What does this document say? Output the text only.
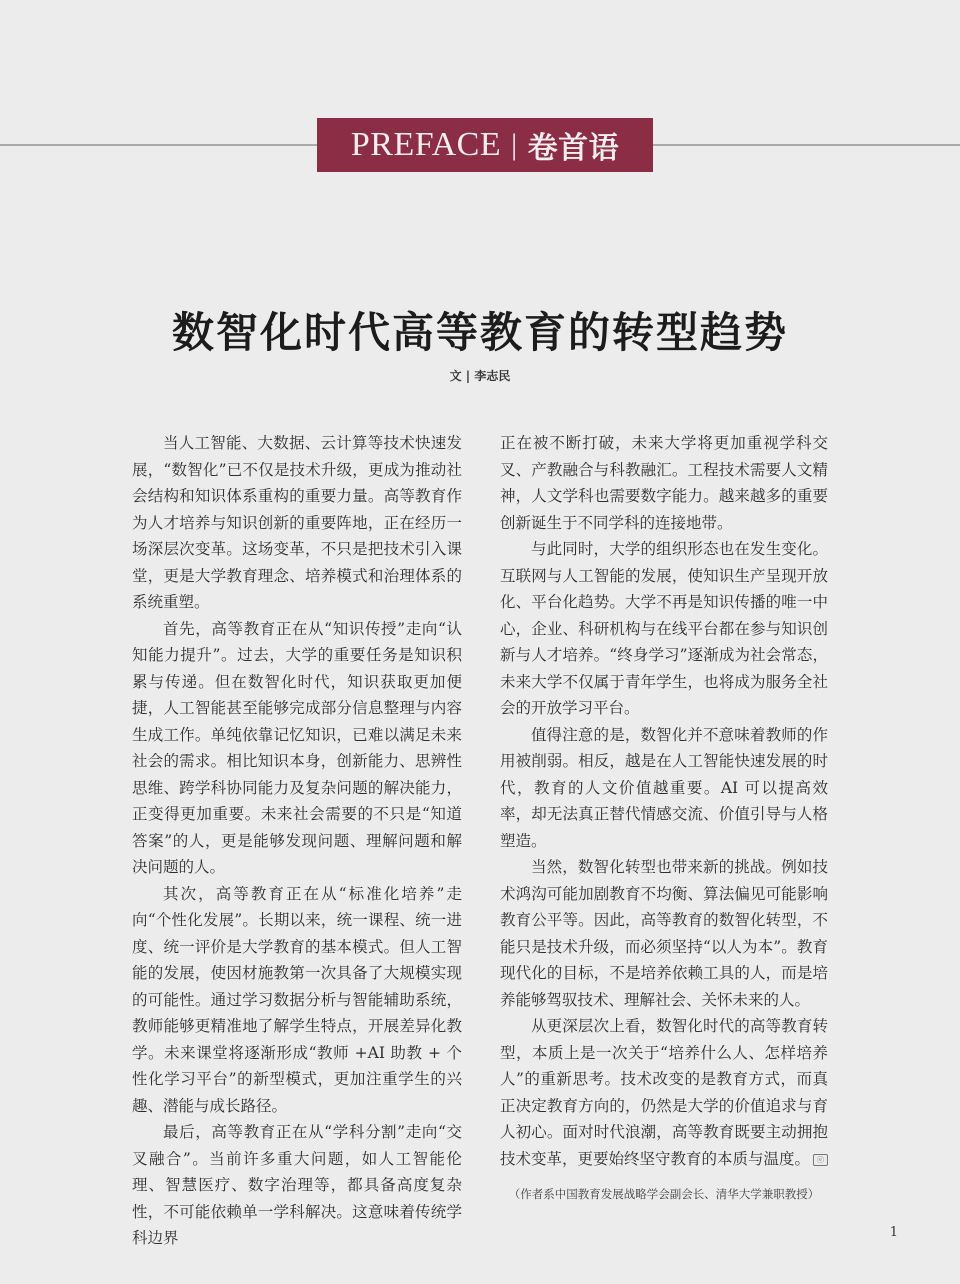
PREFACE | 卷首语
数智化时代高等教育的转型趋势
文 | 李志民

当人工智能、大数据、云计算等技术快速发展，“数智化”已不仅是技术升级，更成为推动社会结构和知识体系重构的重要力量。高等教育作为人才培养与知识创新的重要阵地，正在经历一场深层次变革。这场变革，不只是把技术引入课堂，更是大学教育理念、培养模式和治理体系的系统重塑。

首先，高等教育正在从“知识传授”走向“认知能力提升”。过去，大学的重要任务是知识积累与传递。但在数智化时代，知识获取更加便捷，人工智能甚至能够完成部分信息整理与内容生成工作。单纯依靠记忆知识，已难以满足未来社会的需求。相比知识本身，创新能力、思辨性思维、跨学科协同能力及复杂问题的解决能力，正变得更加重要。未来社会需要的不只是“知道答案”的人，更是能够发现问题、理解问题和解决问题的人。

其次，高等教育正在从“标准化培养”走向“个性化发展”。长期以来，统一课程、统一进度、统一评价是大学教育的基本模式。但人工智能的发展，使因材施教第一次具备了大规模实现的可能性。通过学习数据分析与智能辅助系统，教师能够更精准地了解学生特点，开展差异化教学。未来课堂将逐渐形成“教师 +AI 助教 + 个性化学习平台”的新型模式，更加注重学生的兴趣、潜能与成长路径。

最后，高等教育正在从“学科分割”走向“交叉融合”。当前许多重大问题，如人工智能伦理、智慧医疗、数字治理等，都具备高度复杂性，不可能依赖单一学科解决。这意味着传统学科边界

正在被不断打破，未来大学将更加重视学科交叉、产教融合与科教融汇。工程技术需要人文精神，人文学科也需要数字能力。越来越多的重要创新诞生于不同学科的连接地带。

与此同时，大学的组织形态也在发生变化。互联网与人工智能的发展，使知识生产呈现开放化、平台化趋势。大学不再是知识传播的唯一中心，企业、科研机构与在线平台都在参与知识创新与人才培养。“终身学习”逐渐成为社会常态，未来大学不仅属于青年学生，也将成为服务全社会的开放学习平台。

值得注意的是，数智化并不意味着教师的作用被削弱。相反，越是在人工智能快速发展的时代，教育的人文价值越重要。AI 可以提高效率，却无法真正替代情感交流、价值引导与人格塑造。

当然，数智化转型也带来新的挑战。例如技术鸿沟可能加剧教育不均衡、算法偏见可能影响教育公平等。因此，高等教育的数智化转型，不能只是技术升级，而必须坚持“以人为本”。教育现代化的目标，不是培养依赖工具的人，而是培养能够驾驭技术、理解社会、关怀未来的人。

从更深层次上看，数智化时代的高等教育转型，本质上是一次关于“培养什么人、怎样培养人”的重新思考。技术改变的是教育方式，而真正决定教育方向的，仍然是大学的价值追求与育人初心。面对时代浪潮，高等教育既要主动拥抱技术变革，更要始终坚守教育的本质与温度。 ⓔ

（作者系中国教育发展战略学会副会长、清华大学兼职教授）
1
